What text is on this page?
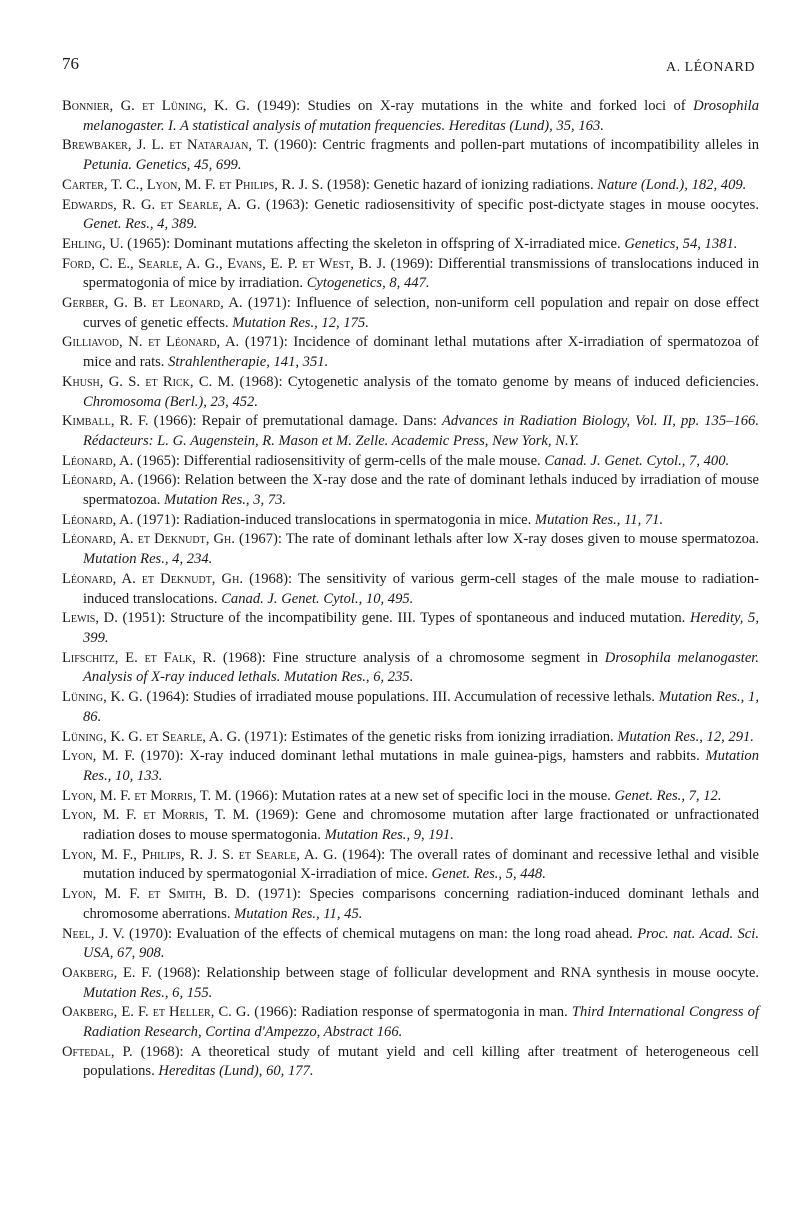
76	A. LÉONARD
Bonnier, G. et Lüning, K. G. (1949): Studies on X-ray mutations in the white and forked loci of Drosophila melanogaster. I. A statistical analysis of mutation frequencies. Hereditas (Lund), 35, 163.
Brewbaker, J. L. et Natarajan, T. (1960): Centric fragments and pollen-part mutations of incompatibility alleles in Petunia. Genetics, 45, 699.
Carter, T. C., Lyon, M. F. et Philips, R. J. S. (1958): Genetic hazard of ionizing radiations. Nature (Lond.), 182, 409.
Edwards, R. G. et Searle, A. G. (1963): Genetic radiosensitivity of specific post-dictyate stages in mouse oocytes. Genet. Res., 4, 389.
Ehling, U. (1965): Dominant mutations affecting the skeleton in offspring of X-irradiated mice. Genetics, 54, 1381.
Ford, C. E., Searle, A. G., Evans, E. P. et West, B. J. (1969): Differential transmissions of translocations induced in spermatogonia of mice by irradiation. Cytogenetics, 8, 447.
Gerber, G. B. et Leonard, A. (1971): Influence of selection, non-uniform cell population and repair on dose effect curves of genetic effects. Mutation Res., 12, 175.
Gilliavod, N. et Léonard, A. (1971): Incidence of dominant lethal mutations after X-irradiation of spermatozoa of mice and rats. Strahlentherapie, 141, 351.
Khush, G. S. et Rick, C. M. (1968): Cytogenetic analysis of the tomato genome by means of induced deficiencies. Chromosoma (Berl.), 23, 452.
Kimball, R. F. (1966): Repair of premutational damage. Dans: Advances in Radiation Biology, Vol. II, pp. 135–166. Rédacteurs: L. G. Augenstein, R. Mason et M. Zelle. Academic Press, New York, N.Y.
Léonard, A. (1965): Differential radiosensitivity of germ-cells of the male mouse. Canad. J. Genet. Cytol., 7, 400.
Léonard, A. (1966): Relation between the X-ray dose and the rate of dominant lethals induced by irradiation of mouse spermatozoa. Mutation Res., 3, 73.
Léonard, A. (1971): Radiation-induced translocations in spermatogonia in mice. Mutation Res., 11, 71.
Léonard, A. et Deknudt, Gh. (1967): The rate of dominant lethals after low X-ray doses given to mouse spermatozoa. Mutation Res., 4, 234.
Léonard, A. et Deknudt, Gh. (1968): The sensitivity of various germ-cell stages of the male mouse to radiation-induced translocations. Canad. J. Genet. Cytol., 10, 495.
Lewis, D. (1951): Structure of the incompatibility gene. III. Types of spontaneous and induced mutation. Heredity, 5, 399.
Lifschitz, E. et Falk, R. (1968): Fine structure analysis of a chromosome segment in Drosophila melanogaster. Analysis of X-ray induced lethals. Mutation Res., 6, 235.
Lüning, K. G. (1964): Studies of irradiated mouse populations. III. Accumulation of recessive lethals. Mutation Res., 1, 86.
Lüning, K. G. et Searle, A. G. (1971): Estimates of the genetic risks from ionizing irradiation. Mutation Res., 12, 291.
Lyon, M. F. (1970): X-ray induced dominant lethal mutations in male guinea-pigs, hamsters and rabbits. Mutation Res., 10, 133.
Lyon, M. F. et Morris, T. M. (1966): Mutation rates at a new set of specific loci in the mouse. Genet. Res., 7, 12.
Lyon, M. F. et Morris, T. M. (1969): Gene and chromosome mutation after large fractionated or unfractionated radiation doses to mouse spermatogonia. Mutation Res., 9, 191.
Lyon, M. F., Philips, R. J. S. et Searle, A. G. (1964): The overall rates of dominant and recessive lethal and visible mutation induced by spermatogonial X-irradiation of mice. Genet. Res., 5, 448.
Lyon, M. F. et Smith, B. D. (1971): Species comparisons concerning radiation-induced dominant lethals and chromosome aberrations. Mutation Res., 11, 45.
Neel, J. V. (1970): Evaluation of the effects of chemical mutagens on man: the long road ahead. Proc. nat. Acad. Sci. USA, 67, 908.
Oakberg, E. F. (1968): Relationship between stage of follicular development and RNA synthesis in mouse oocyte. Mutation Res., 6, 155.
Oakberg, E. F. et Heller, C. G. (1966): Radiation response of spermatogonia in man. Third International Congress of Radiation Research, Cortina d'Ampezzo, Abstract 166.
Oftedal, P. (1968): A theoretical study of mutant yield and cell killing after treatment of heterogeneous cell populations. Hereditas (Lund), 60, 177.
